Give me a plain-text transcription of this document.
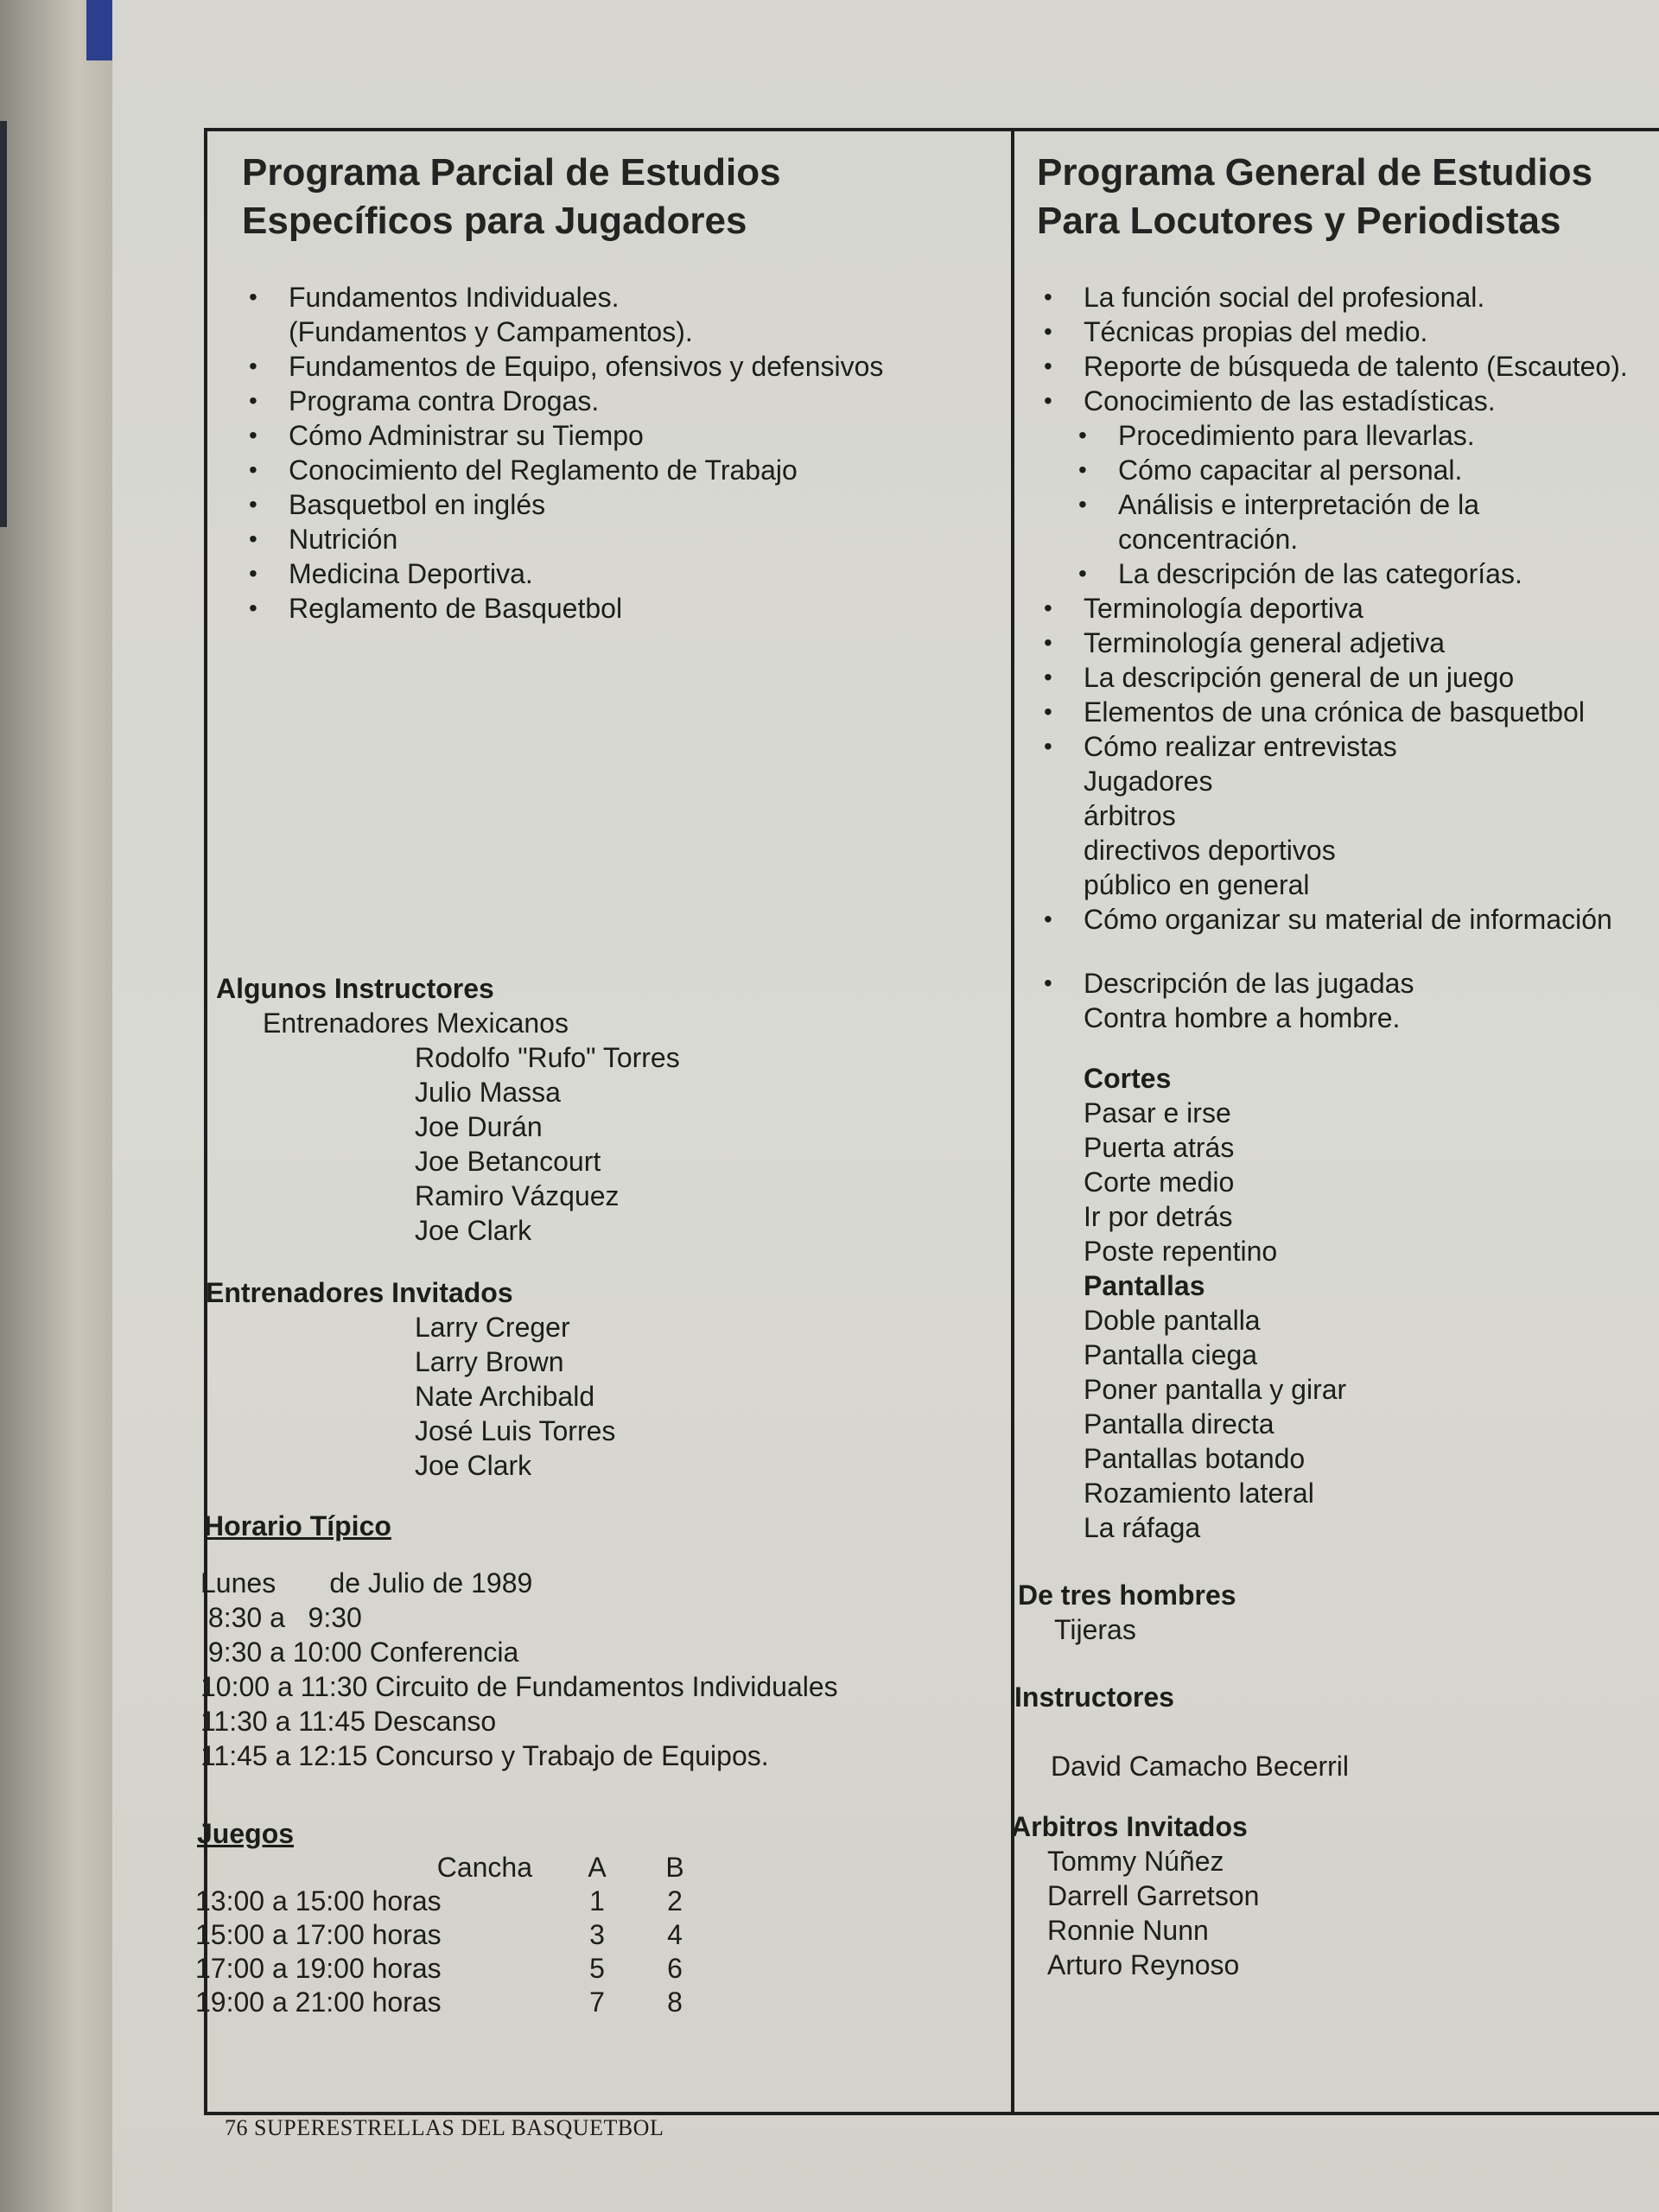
Programa Parcial de Estudios
Específicos para Jugadores
• Fundamentos Individuales.
(Fundamentos y Campamentos).
• Fundamentos de Equipo, ofensivos y defensivos
• Programa contra Drogas.
• Cómo Administrar su Tiempo
• Conocimiento del Reglamento de Trabajo
• Basquetbol en inglés
• Nutrición
• Medicina Deportiva.
• Reglamento de Basquetbol
Algunos Instructores
Entrenadores Mexicanos
Rodolfo "Rufo" Torres
Julio Massa
Joe Durán
Joe Betancourt
Ramiro Vázquez
Joe Clark
Entrenadores Invitados
Larry Creger
Larry Brown
Nate Archibald
José Luis Torres
Joe Clark
Horario Típico
Lunes       de Julio de 1989
8:30 a   9:30
9:30 a 10:00 Conferencia
10:00 a 11:30 Circuito de Fundamentos Individuales
11:30 a 11:45 Descanso
11:45 a 12:15 Concurso y Trabajo de Equipos.
Juegos
Cancha	A	B
13:00 a 15:00 horas	1	2
15:00 a 17:00 horas	3	4
17:00 a 19:00 horas	5	6
19:00 a 21:00 horas	7	8
Programa General de Estudios
Para Locutores y Periodistas
• La función social del profesional.
• Técnicas propias del medio.
• Reporte de búsqueda de talento (Escauteo).
• Conocimiento de las estadísticas.
• Procedimiento para llevarlas.
• Cómo capacitar al personal.
• Análisis e interpretación de la
concentración.
• La descripción de las categorías.
• Terminología deportiva
• Terminología general adjetiva
• La descripción general de un juego
• Elementos de una crónica de basquetbol
• Cómo realizar entrevistas
Jugadores
árbitros
directivos deportivos
público en general
• Cómo organizar su material de información
• Descripción de las jugadas
Contra hombre a hombre.
Cortes
Pasar e irse
Puerta atrás
Corte medio
Ir por detrás
Poste repentino
Pantallas
Doble pantalla
Pantalla ciega
Poner pantalla y girar
Pantalla directa
Pantallas botando
Rozamiento lateral
La ráfaga
De tres hombres
Tijeras
Instructores
David Camacho Becerril
Arbitros Invitados
Tommy Núñez
Darrell Garretson
Ronnie Nunn
Arturo Reynoso
76 SUPERESTRELLAS DEL BASQUETBOL
